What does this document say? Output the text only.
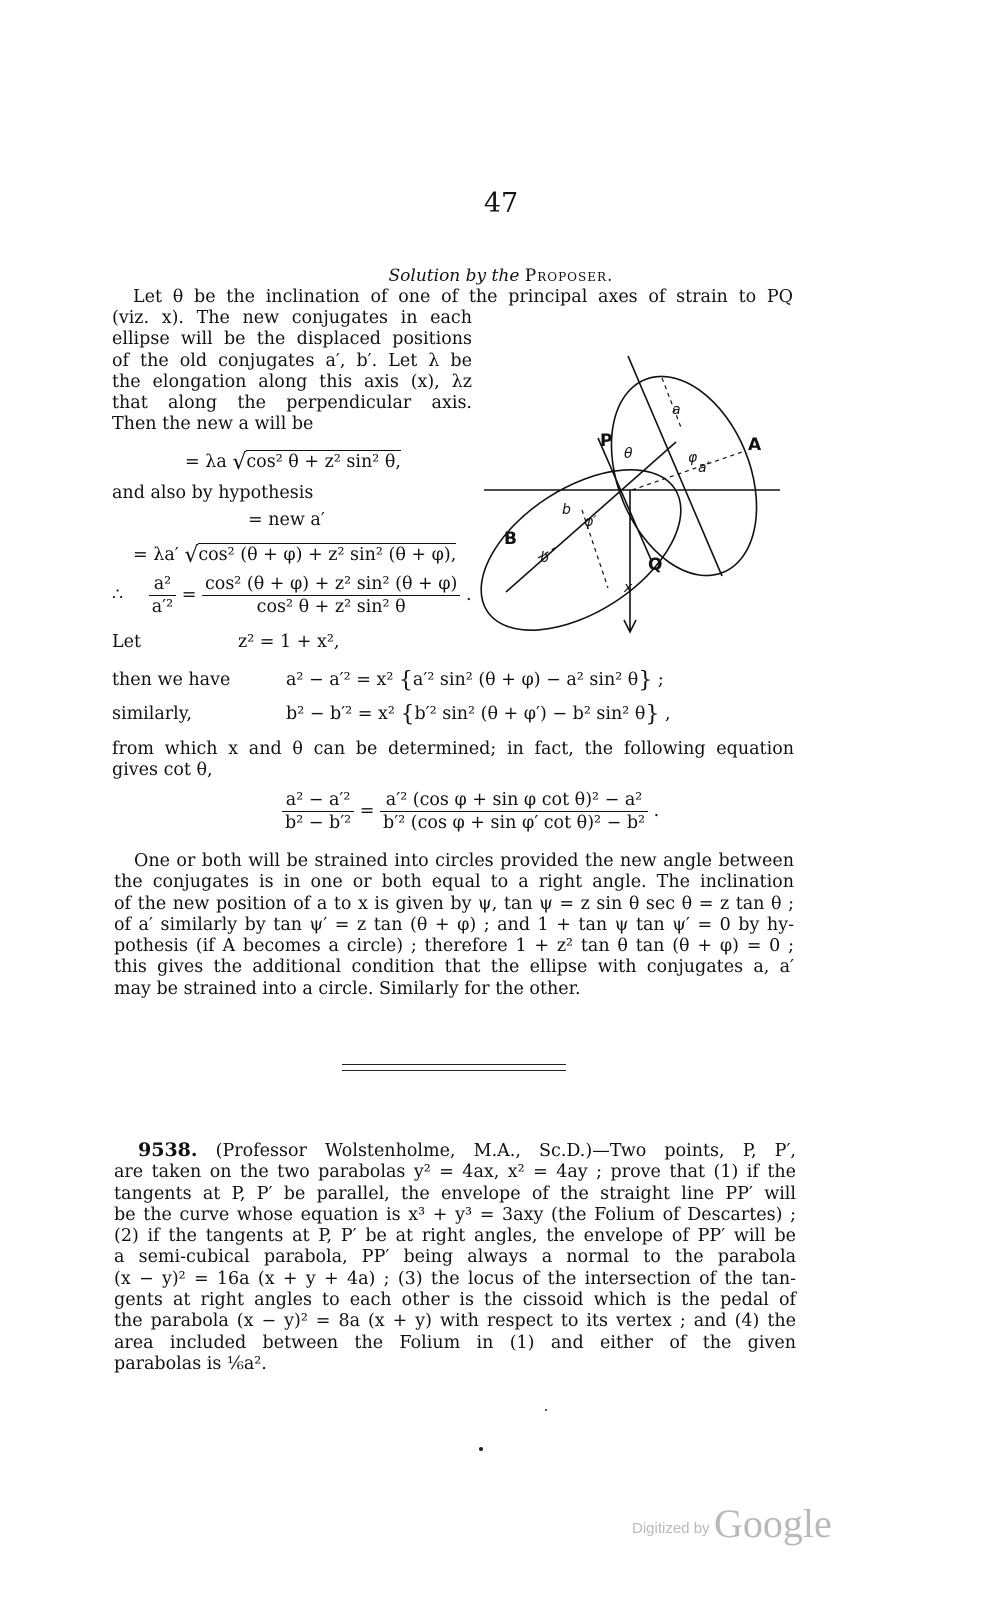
47
Solution by the Proposer.
Let θ be the inclination of one of the principal axes of strain to PQ
(viz. x). The new conjugates in each
ellipse will be the displaced positions
of the old conjugates a′, b′. Let λ be
the elongation along this axis (x), λz
that along the perpendicular axis.
Then the new a will be
= λa √cos² θ + z² sin² θ,
and also by hypothesis
= new a′
= λa′ √cos² (θ + φ) + z² sin² (θ + φ),
∴ $\frac{\text{a²}}{\text{a′²}} = \frac{\text{cos² (θ + φ) + z² sin² (θ + φ)}}{\text{cos² θ + z² sin² θ}}$ .
Let	z² = 1 + x²,
then we have	a² − a′² = x² {a′² sin² (θ + φ) − a² sin² θ} ;
similarly,	b² − b′² = x² {b′² sin² (θ + φ′) − b² sin² θ} ,
from which x and θ can be determined; in fact, the following equation
gives cot θ,
$\frac{\text{a² − a′²}}{\text{b² − b′²}} = \frac{\text{a′² (cos φ + sin φ cot θ)² − a²}}{\text{b′² (cos φ + sin φ′ cot θ)² − b²}}$ .
One or both will be strained into circles provided the new angle between
the conjugates is in one or both equal to a right angle. The inclination
of the new position of a to x is given by ψ, tan ψ = z sin θ sec θ = z tan θ ;
of a′ similarly by tan ψ′ = z tan (θ + φ) ; and 1 + tan ψ tan ψ′ = 0 by hy-
pothesis (if A becomes a circle) ; therefore 1 + z² tan θ tan (θ + φ) = 0 ;
this gives the additional condition that the ellipse with conjugates a, a′
may be strained into a circle. Similarly for the other.
9538. (Professor Wolstenholme, M.A., Sc.D.)—Two points, P, P′,
are taken on the two parabolas y² = 4ax, x² = 4ay ; prove that (1) if the
tangents at P, P′ be parallel, the envelope of the straight line PP′ will
be the curve whose equation is x³ + y³ = 3axy (the Folium of Descartes) ;
(2) if the tangents at P, P′ be at right angles, the envelope of PP′ will be
a semi-cubical parabola, PP′ being always a normal to the parabola
(x − y)² = 16a (x + y + 4a) ; (3) the locus of the intersection of the tan-
gents at right angles to each other is the cissoid which is the pedal of
the parabola (x − y)² = 8a (x + y) with respect to its vertex ; and (4) the
area included between the Folium in (1) and either of the given
parabolas is ⅙a².
Digitized by Google
P	A
B
Q
θ
a
a′
b
b′
φ
φ′
x
